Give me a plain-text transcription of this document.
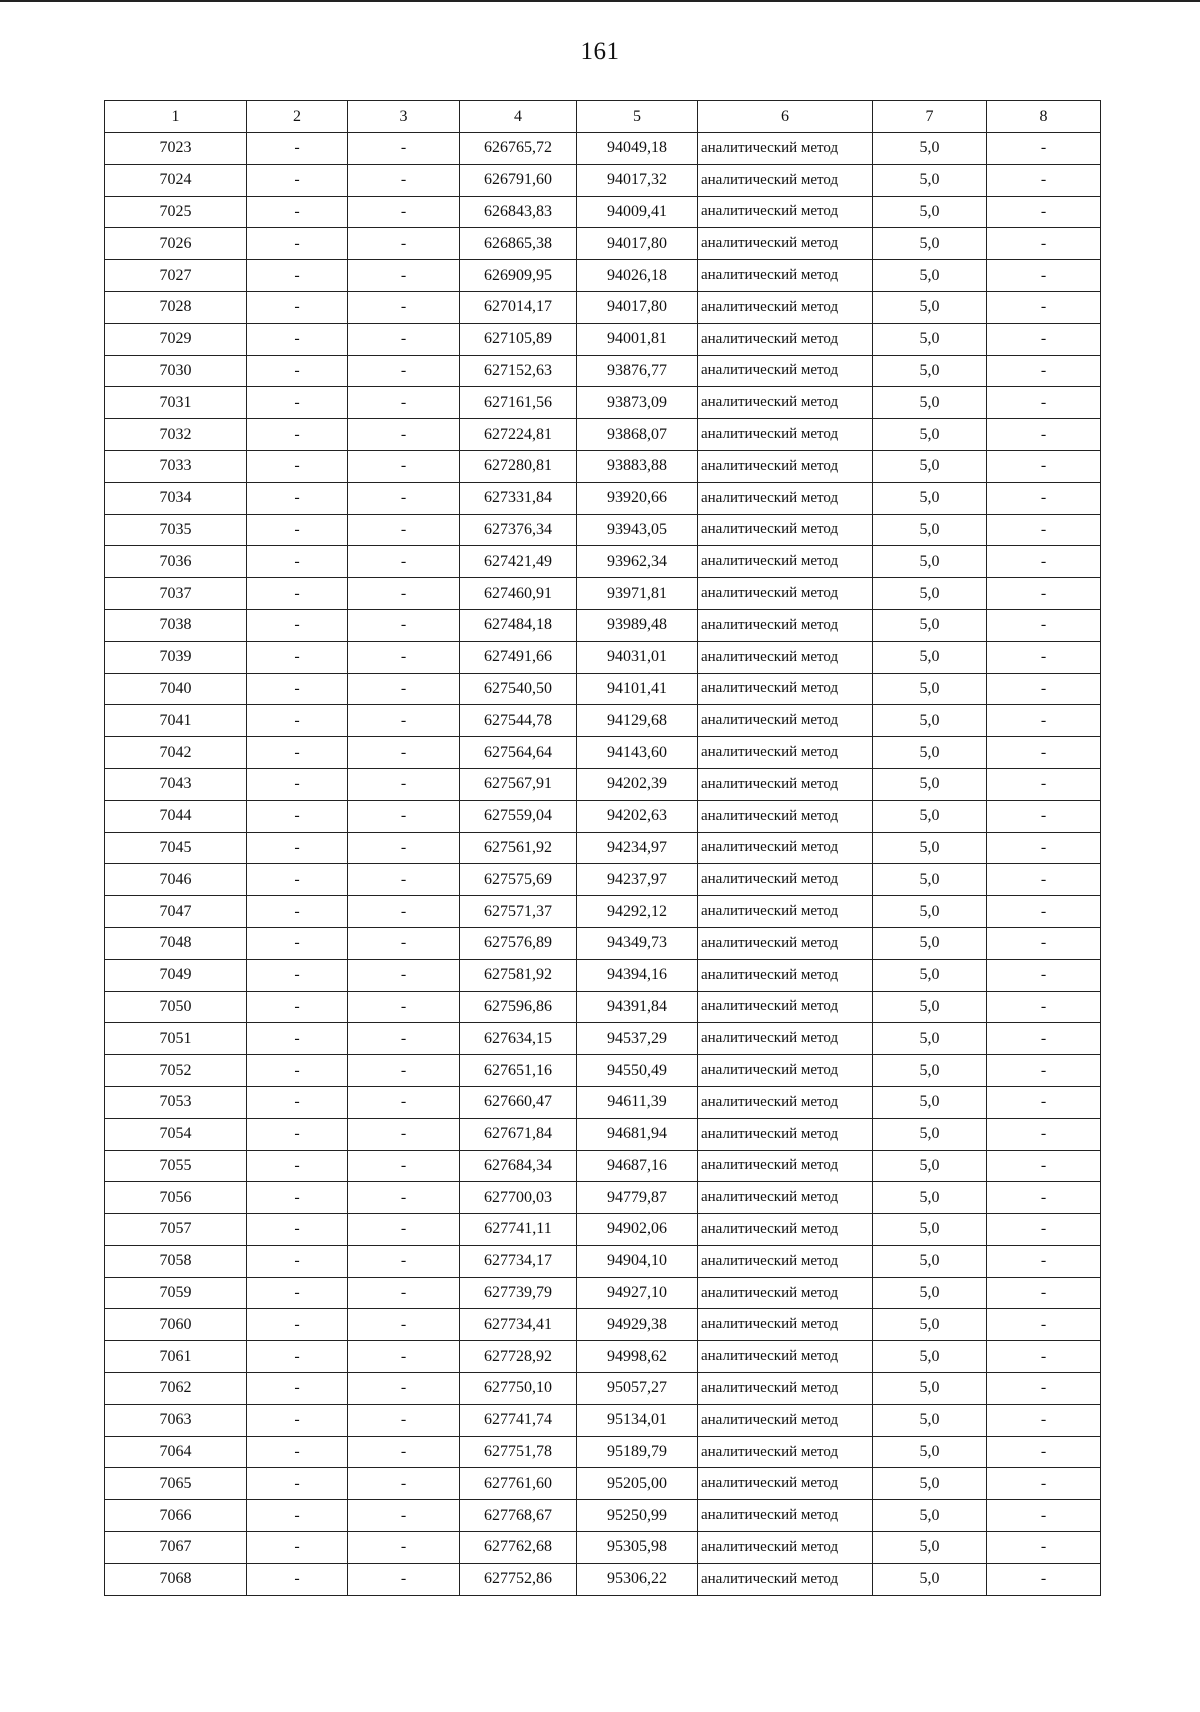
161
1	2	3	4	5	6	7	8
7023	-	-	626765,72	94049,18	аналитический метод	5,0	-
7024	-	-	626791,60	94017,32	аналитический метод	5,0	-
7025	-	-	626843,83	94009,41	аналитический метод	5,0	-
7026	-	-	626865,38	94017,80	аналитический метод	5,0	-
7027	-	-	626909,95	94026,18	аналитический метод	5,0	-
7028	-	-	627014,17	94017,80	аналитический метод	5,0	-
7029	-	-	627105,89	94001,81	аналитический метод	5,0	-
7030	-	-	627152,63	93876,77	аналитический метод	5,0	-
7031	-	-	627161,56	93873,09	аналитический метод	5,0	-
7032	-	-	627224,81	93868,07	аналитический метод	5,0	-
7033	-	-	627280,81	93883,88	аналитический метод	5,0	-
7034	-	-	627331,84	93920,66	аналитический метод	5,0	-
7035	-	-	627376,34	93943,05	аналитический метод	5,0	-
7036	-	-	627421,49	93962,34	аналитический метод	5,0	-
7037	-	-	627460,91	93971,81	аналитический метод	5,0	-
7038	-	-	627484,18	93989,48	аналитический метод	5,0	-
7039	-	-	627491,66	94031,01	аналитический метод	5,0	-
7040	-	-	627540,50	94101,41	аналитический метод	5,0	-
7041	-	-	627544,78	94129,68	аналитический метод	5,0	-
7042	-	-	627564,64	94143,60	аналитический метод	5,0	-
7043	-	-	627567,91	94202,39	аналитический метод	5,0	-
7044	-	-	627559,04	94202,63	аналитический метод	5,0	-
7045	-	-	627561,92	94234,97	аналитический метод	5,0	-
7046	-	-	627575,69	94237,97	аналитический метод	5,0	-
7047	-	-	627571,37	94292,12	аналитический метод	5,0	-
7048	-	-	627576,89	94349,73	аналитический метод	5,0	-
7049	-	-	627581,92	94394,16	аналитический метод	5,0	-
7050	-	-	627596,86	94391,84	аналитический метод	5,0	-
7051	-	-	627634,15	94537,29	аналитический метод	5,0	-
7052	-	-	627651,16	94550,49	аналитический метод	5,0	-
7053	-	-	627660,47	94611,39	аналитический метод	5,0	-
7054	-	-	627671,84	94681,94	аналитический метод	5,0	-
7055	-	-	627684,34	94687,16	аналитический метод	5,0	-
7056	-	-	627700,03	94779,87	аналитический метод	5,0	-
7057	-	-	627741,11	94902,06	аналитический метод	5,0	-
7058	-	-	627734,17	94904,10	аналитический метод	5,0	-
7059	-	-	627739,79	94927,10	аналитический метод	5,0	-
7060	-	-	627734,41	94929,38	аналитический метод	5,0	-
7061	-	-	627728,92	94998,62	аналитический метод	5,0	-
7062	-	-	627750,10	95057,27	аналитический метод	5,0	-
7063	-	-	627741,74	95134,01	аналитический метод	5,0	-
7064	-	-	627751,78	95189,79	аналитический метод	5,0	-
7065	-	-	627761,60	95205,00	аналитический метод	5,0	-
7066	-	-	627768,67	95250,99	аналитический метод	5,0	-
7067	-	-	627762,68	95305,98	аналитический метод	5,0	-
7068	-	-	627752,86	95306,22	аналитический метод	5,0	-
